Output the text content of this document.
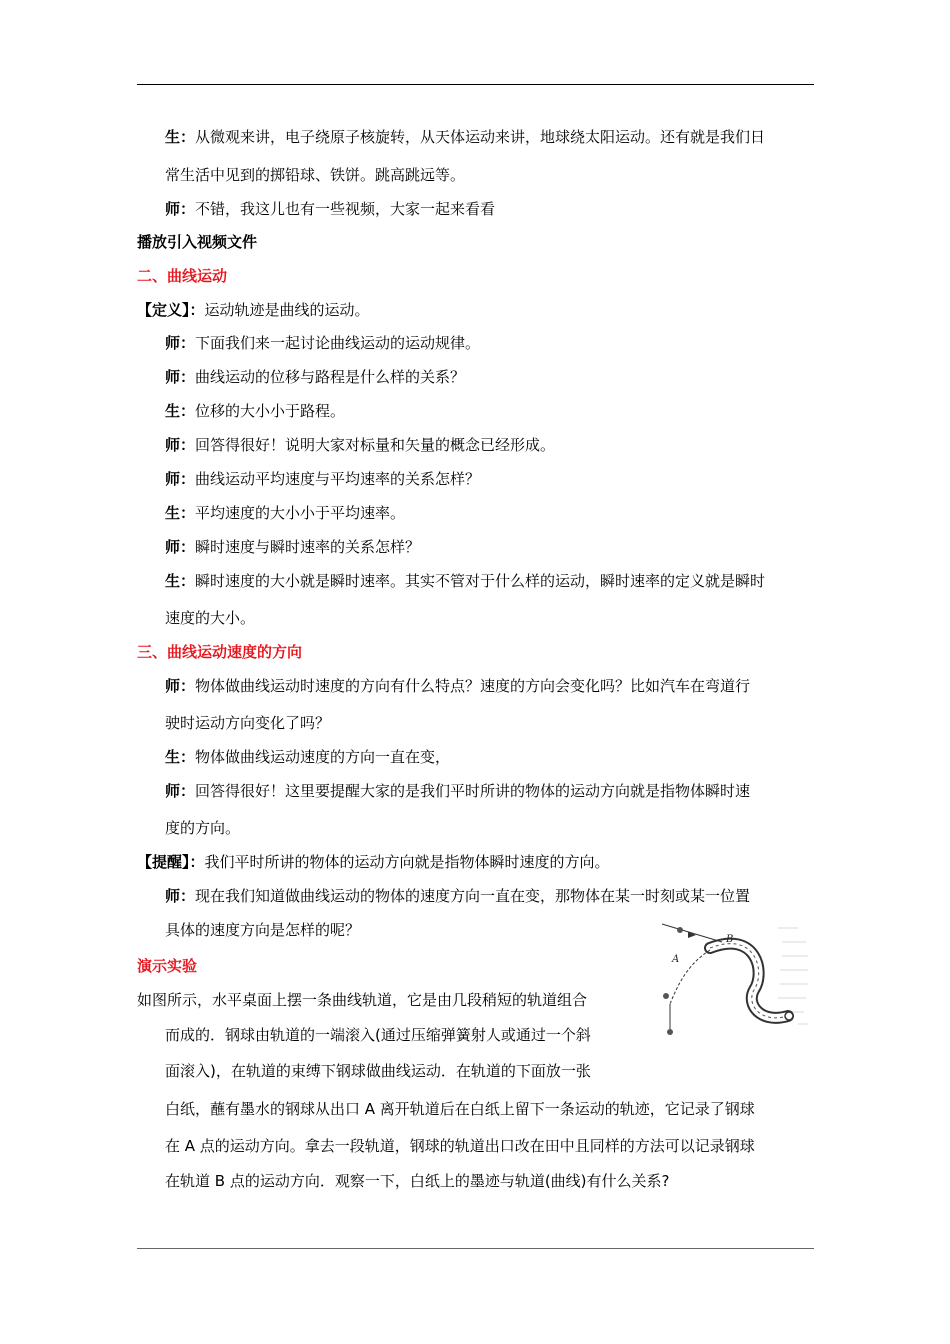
生：从微观来讲，电子绕原子核旋转，从天体运动来讲，地球绕太阳运动。还有就是我们日
常生活中见到的掷铅球、铁饼。跳高跳远等。
师：不错，我这儿也有一些视频，大家一起来看看
播放引入视频文件
二、曲线运动
【定义】：运动轨迹是曲线的运动。
师：下面我们来一起讨论曲线运动的运动规律。
师：曲线运动的位移与路程是什么样的关系？
生：位移的大小小于路程。
师：回答得很好！说明大家对标量和矢量的概念已经形成。
师：曲线运动平均速度与平均速率的关系怎样？
生：平均速度的大小小于平均速率。
师：瞬时速度与瞬时速率的关系怎样？
生：瞬时速度的大小就是瞬时速率。其实不管对于什么样的运动，瞬时速率的定义就是瞬时
速度的大小。
三、曲线运动速度的方向
师：物体做曲线运动时速度的方向有什么特点？速度的方向会变化吗？比如汽车在弯道行
驶时运动方向变化了吗？
生：物体做曲线运动速度的方向一直在变，
师：回答得很好！这里要提醒大家的是我们平时所讲的物体的运动方向就是指物体瞬时速
度的方向。
【提醒】：我们平时所讲的物体的运动方向就是指物体瞬时速度的方向。
师：现在我们知道做曲线运动的物体的速度方向一直在变，那物体在某一时刻或某一位置
具体的速度方向是怎样的呢？
演示实验
如图所示，水平桌面上摆一条曲线轨道，它是由几段稍短的轨道组合
而成的．钢球由轨道的一端滚入(通过压缩弹簧射人或通过一个斜
面滚入)，在轨道的束缚下钢球做曲线运动．在轨道的下面放一张
白纸，蘸有墨水的钢球从出口 A 离开轨道后在白纸上留下一条运动的轨迹，它记录了钢球
在 A 点的运动方向。拿去一段轨道，钢球的轨道出口改在田中且同样的方法可以记录钢球
在轨道 B 点的运动方向．观察一下，白纸上的墨迹与轨道(曲线)有什么关系?
B
A
